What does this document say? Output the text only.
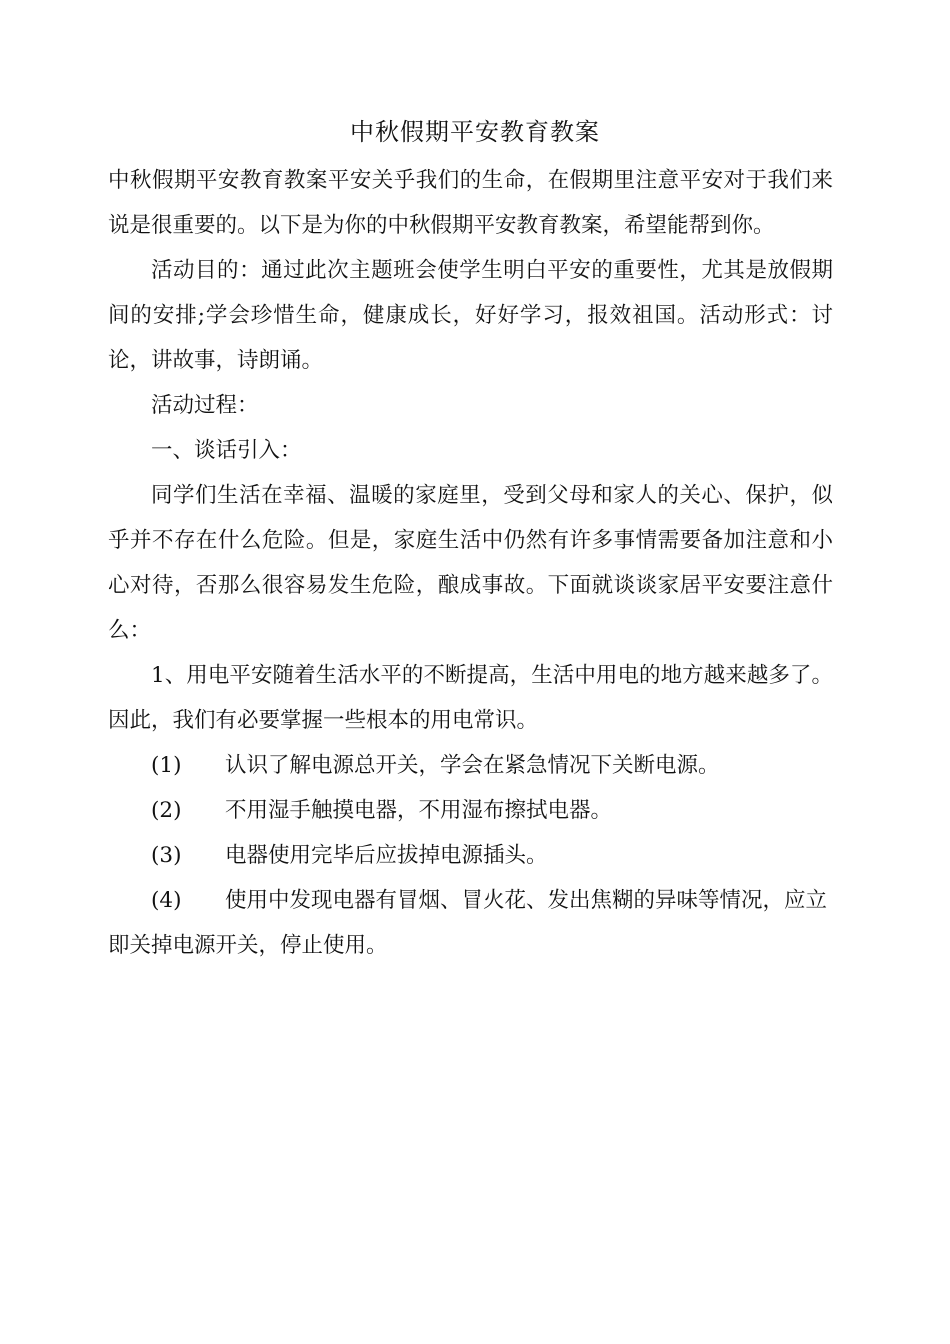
中秋假期平安教育教案

中秋假期平安教育教案平安关乎我们的生命，在假期里注意平安对于我们来说是很重要的。以下是为你的中秋假期平安教育教案，希望能帮到你。

活动目的：通过此次主题班会使学生明白平安的重要性，尤其是放假期间的安排;学会珍惜生命，健康成长，好好学习，报效祖国。活动形式：讨论，讲故事，诗朗诵。

活动过程：

一、谈话引入：

同学们生活在幸福、温暖的家庭里，受到父母和家人的关心、保护，似乎并不存在什么危险。但是，家庭生活中仍然有许多事情需要备加注意和小心对待，否那么很容易发生危险，酿成事故。下面就谈谈家居平安要注意什么：

1、用电平安随着生活水平的不断提高，生活中用电的地方越来越多了。因此，我们有必要掌握一些根本的用电常识。

(1) 认识了解电源总开关，学会在紧急情况下关断电源。

(2) 不用湿手触摸电器，不用湿布擦拭电器。

(3) 电器使用完毕后应拔掉电源插头。

(4) 使用中发现电器有冒烟、冒火花、发出焦糊的异味等情况，应立即关掉电源开关，停止使用。
